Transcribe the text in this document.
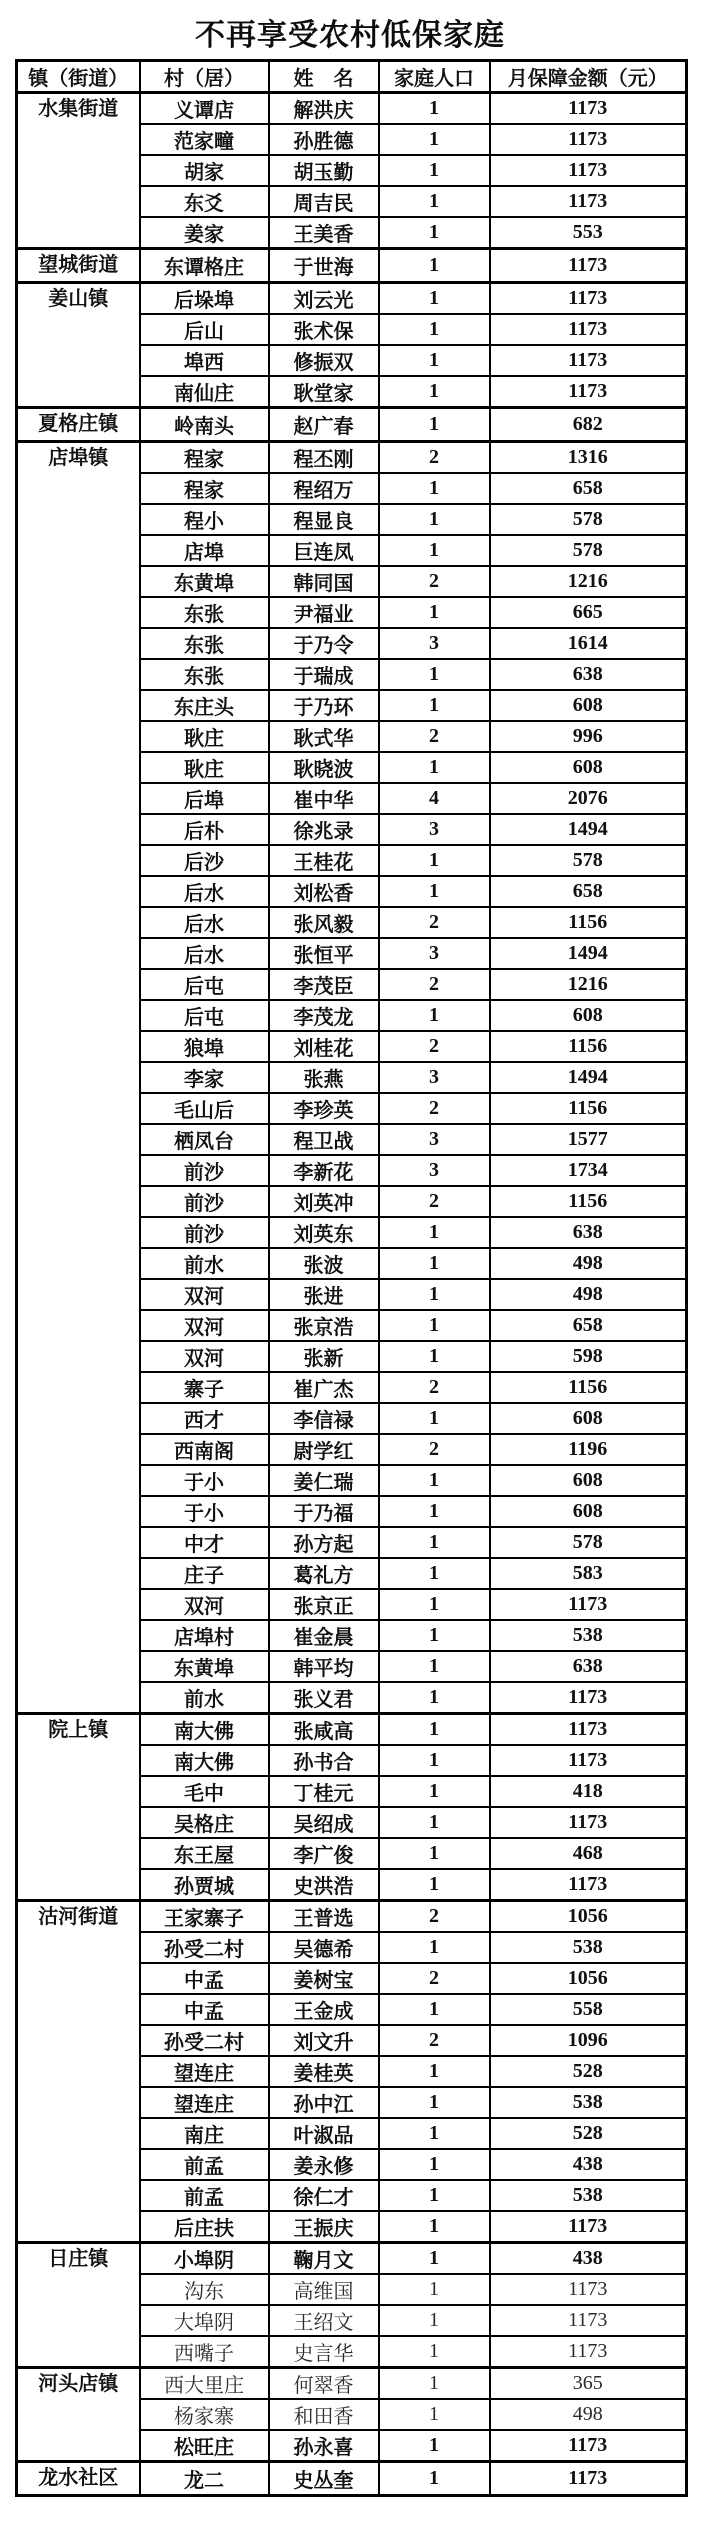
不再享受农村低保家庭
镇（街道）	村（居）	姓　名	家庭人口	月保障金额（元）
水集街道	义谭店	解洪庆	1	1173
	范家疃	孙胜德	1	1173
	胡家	胡玉勤	1	1173
	东爻	周吉民	1	1173
	姜家	王美香	1	553
望城街道	东谭格庄	于世海	1	1173
姜山镇	后垛埠	刘云光	1	1173
	后山	张术保	1	1173
	埠西	修振双	1	1173
	南仙庄	耿堂家	1	1173
夏格庄镇	岭南头	赵广春	1	682
店埠镇	程家	程丕刚	2	1316
	程家	程绍万	1	658
	程小	程显良	1	578
	店埠	巨连凤	1	578
	东黄埠	韩同国	2	1216
	东张	尹福业	1	665
	东张	于乃令	3	1614
	东张	于瑞成	1	638
	东庄头	于乃环	1	608
	耿庄	耿式华	2	996
	耿庄	耿晓波	1	608
	后埠	崔中华	4	2076
	后朴	徐兆录	3	1494
	后沙	王桂花	1	578
	后水	刘松香	1	658
	后水	张风毅	2	1156
	后水	张恒平	3	1494
	后屯	李茂臣	2	1216
	后屯	李茂龙	1	608
	狼埠	刘桂花	2	1156
	李家	张燕	3	1494
	毛山后	李珍英	2	1156
	栖凤台	程卫战	3	1577
	前沙	李新花	3	1734
	前沙	刘英冲	2	1156
	前沙	刘英东	1	638
	前水	张波	1	498
	双河	张进	1	498
	双河	张京浩	1	658
	双河	张新	1	598
	寨子	崔广杰	2	1156
	西才	李信禄	1	608
	西南阁	尉学红	2	1196
	于小	姜仁瑞	1	608
	于小	于乃福	1	608
	中才	孙方起	1	578
	庄子	葛礼方	1	583
	双河	张京正	1	1173
	店埠村	崔金晨	1	538
	东黄埠	韩平均	1	638
	前水	张义君	1	1173
院上镇	南大佛	张咸高	1	1173
	南大佛	孙书合	1	1173
	毛中	丁桂元	1	418
	吴格庄	吴绍成	1	1173
	东王屋	李广俊	1	468
	孙贾城	史洪浩	1	1173
沽河街道	王家寨子	王普选	2	1056
	孙受二村	吴德希	1	538
	中孟	姜树宝	2	1056
	中孟	王金成	1	558
	孙受二村	刘文升	2	1096
	望连庄	姜桂英	1	528
	望连庄	孙中江	1	538
	南庄	叶淑品	1	528
	前孟	姜永修	1	438
	前孟	徐仁才	1	538
	后庄扶	王振庆	1	1173
日庄镇	小埠阴	鞠月文	1	438
	沟东	高维国	1	1173
	大埠阴	王绍文	1	1173
	西嘴子	史言华	1	1173
河头店镇	西大里庄	何翠香	1	365
	杨家寨	和田香	1	498
	松旺庄	孙永喜	1	1173
龙水社区	龙二	史丛奎	1	1173
